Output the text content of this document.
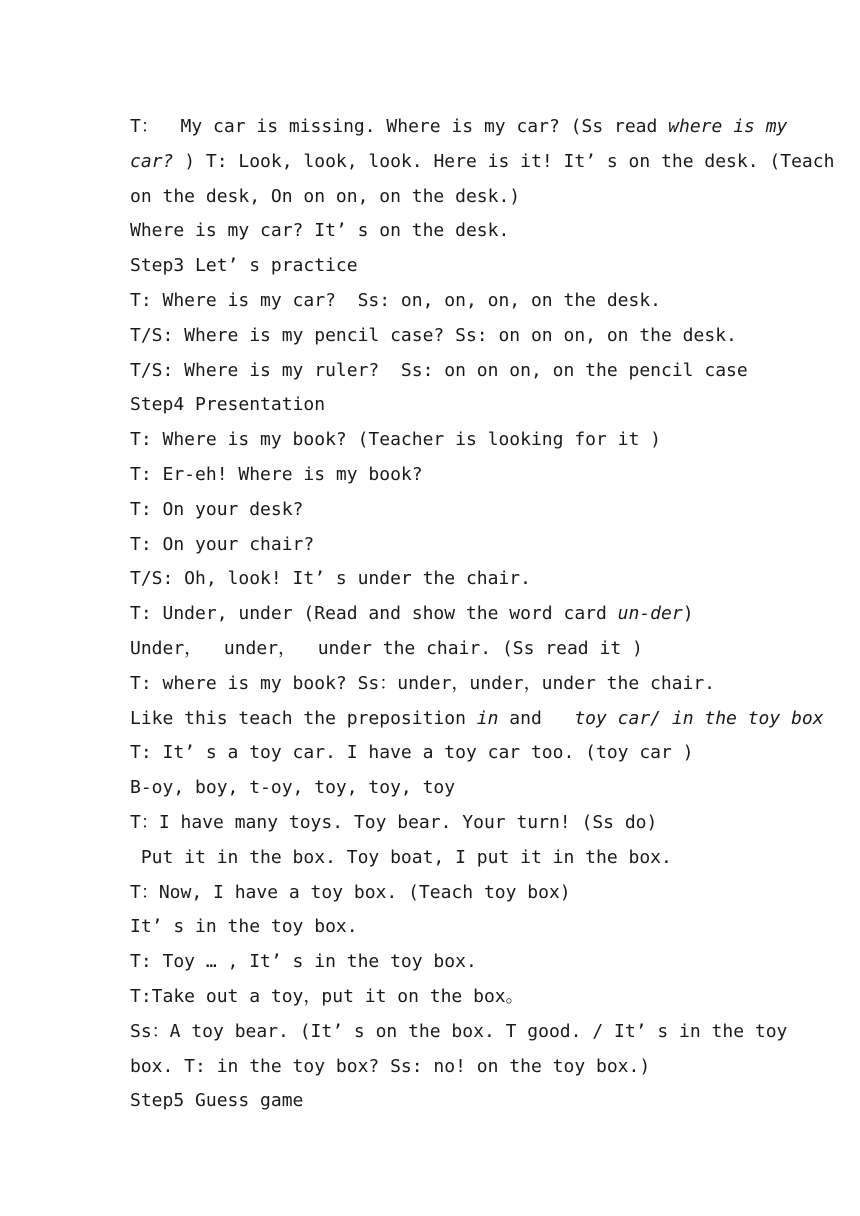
T：  My car is missing. Where is my car? (Ss read where is my
car? ) T: Look, look, look. Here is it! It’ s on the desk. (Teach
on the desk, On on on, on the desk.)
Where is my car? It’ s on the desk.
Step3 Let’ s practice
T: Where is my car?  Ss: on, on, on, on the desk.
T/S: Where is my pencil case? Ss: on on on, on the desk.
T/S: Where is my ruler?  Ss: on on on, on the pencil case
Step4 Presentation
T: Where is my book? (Teacher is looking for it )
T: Er-eh! Where is my book?
T: On your desk?
T: On your chair?
T/S: Oh, look! It’ s under the chair.
T: Under, under (Read and show the word card un-der)
Under，  under，  under the chair. (Ss read it )
T: where is my book? Ss：under，under，under the chair.
Like this teach the preposition in and   toy car/ in the toy box
T: It’ s a toy car. I have a toy car too. (toy car )
B-oy, boy, t-oy, toy, toy, toy
T：I have many toys. Toy bear. Your turn! (Ss do)
Put it in the box. Toy boat, I put it in the box.
T：Now, I have a toy box. (Teach toy box)
It’ s in the toy box.
T: Toy … , It’ s in the toy box.
T:Take out a toy，put it on the box。
Ss：A toy bear. (It’ s on the box. T good. / It’ s in the toy
box. T: in the toy box? Ss: no! on the toy box.)
Step5 Guess game
